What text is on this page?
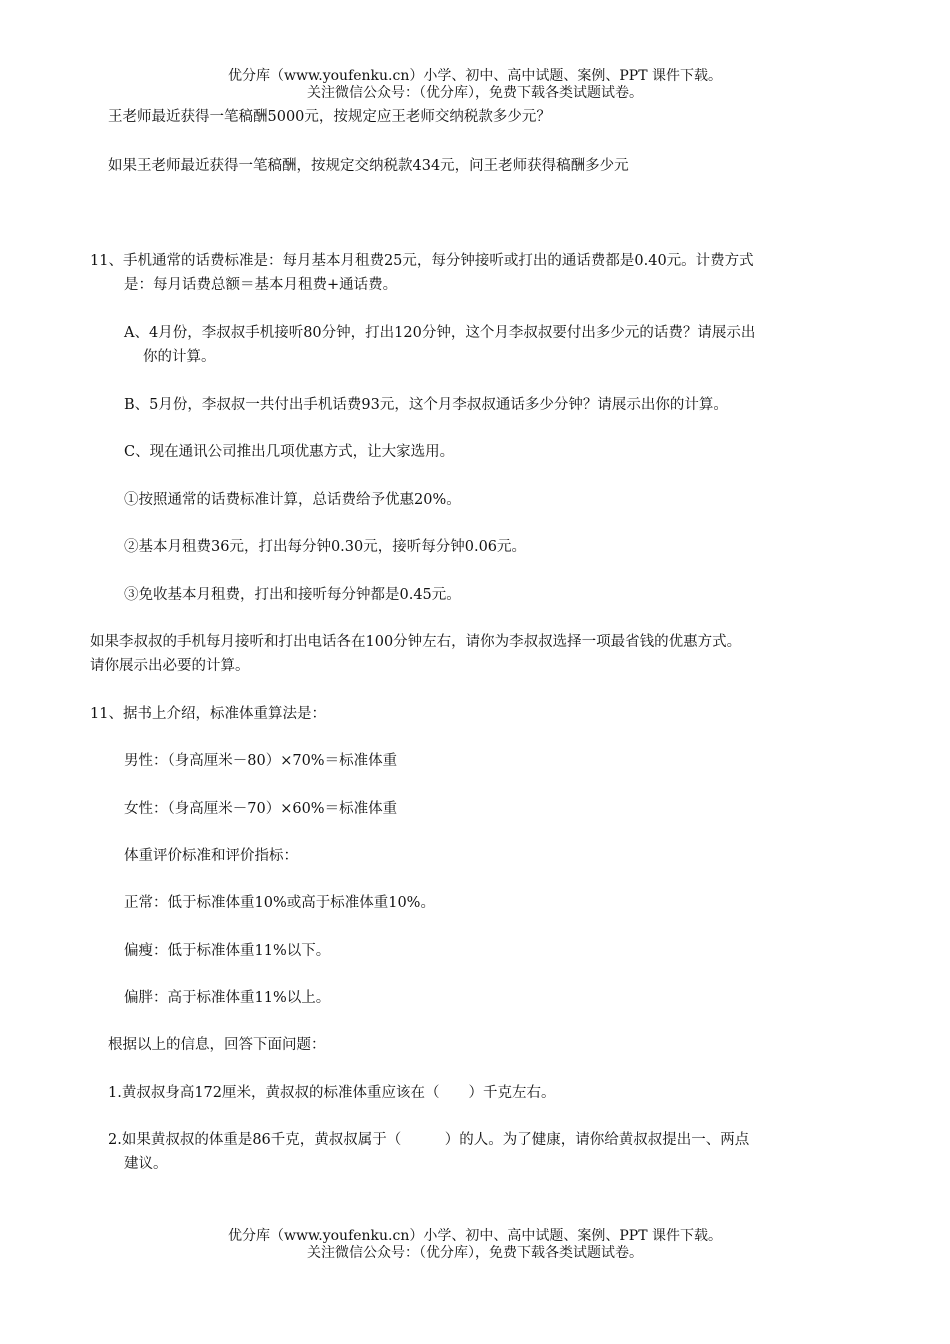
优分库（www.youfenku.cn）小学、初中、高中试题、案例、PPT 课件下载。
关注微信公众号：（优分库），免费下载各类试题试卷。
王老师最近获得一笔稿酬5000元，按规定应王老师交纳税款多少元？
如果王老师最近获得一笔稿酬，按规定交纳税款434元，问王老师获得稿酬多少元
11、手机通常的话费标准是：每月基本月租费25元，每分钟接听或打出的通话费都是0.40元。计费方式
是：每月话费总额＝基本月租费+通话费。
A、4月份，李叔叔手机接听80分钟，打出120分钟，这个月李叔叔要付出多少元的话费？请展示出
你的计算。
B、5月份，李叔叔一共付出手机话费93元，这个月李叔叔通话多少分钟？请展示出你的计算。
C、现在通讯公司推出几项优惠方式，让大家选用。
①按照通常的话费标准计算，总话费给予优惠20%。
②基本月租费36元，打出每分钟0.30元，接听每分钟0.06元。
③免收基本月租费，打出和接听每分钟都是0.45元。
如果李叔叔的手机每月接听和打出电话各在100分钟左右，请你为李叔叔选择一项最省钱的优惠方式。
请你展示出必要的计算。
11、据书上介绍，标准体重算法是：
男性：（身高厘米－80）×70%＝标准体重
女性：（身高厘米－70）×60%＝标准体重
体重评价标准和评价指标：
正常：低于标准体重10%或高于标准体重10%。
偏瘦：低于标准体重11%以下。
偏胖：高于标准体重11%以上。
根据以上的信息，回答下面问题：
1.黄叔叔身高172厘米，黄叔叔的标准体重应该在（　　）千克左右。
2.如果黄叔叔的体重是86千克，黄叔叔属于（　　　）的人。为了健康，请你给黄叔叔提出一、两点
建议。
优分库（www.youfenku.cn）小学、初中、高中试题、案例、PPT 课件下载。
关注微信公众号：（优分库），免费下载各类试题试卷。
